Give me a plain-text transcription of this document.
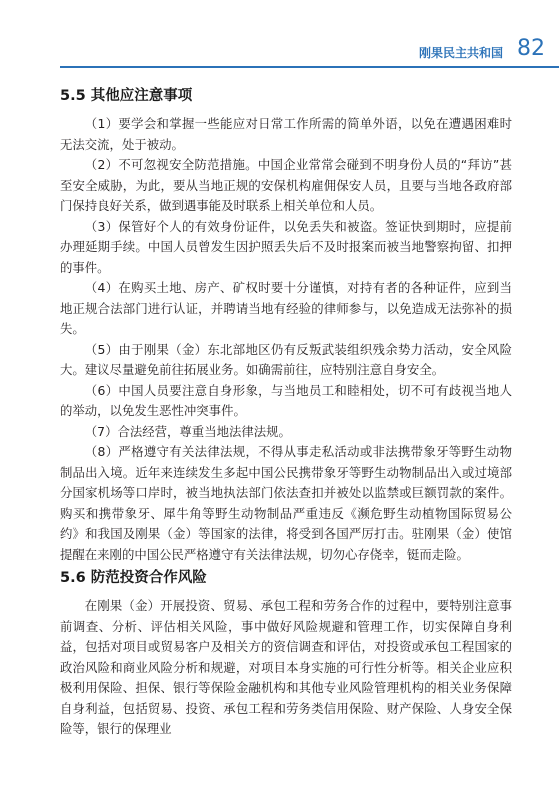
刚果民主共和国 82
5.5 其他应注意事项

（1）要学会和掌握一些能应对日常工作所需的简单外语，以免在遭遇困难时无法交流，处于被动。

（2）不可忽视安全防范措施。中国企业常常会碰到不明身份人员的“拜访”甚至安全威胁，为此，要从当地正规的安保机构雇佣保安人员，且要与当地各政府部门保持良好关系，做到遇事能及时联系上相关单位和人员。

（3）保管好个人的有效身份证件，以免丢失和被盗。签证快到期时，应提前办理延期手续。中国人员曾发生因护照丢失后不及时报案而被当地警察拘留、扣押的事件。

（4）在购买土地、房产、矿权时要十分谨慎，对持有者的各种证件，应到当地正规合法部门进行认证，并聘请当地有经验的律师参与，以免造成无法弥补的损失。

（5）由于刚果（金）东北部地区仍有反叛武装组织残余势力活动，安全风险大。建议尽量避免前往拓展业务。如确需前往，应特别注意自身安全。

（6）中国人员要注意自身形象，与当地员工和睦相处，切不可有歧视当地人的举动，以免发生恶性冲突事件。

（7）合法经营，尊重当地法律法规。

（8）严格遵守有关法律法规，不得从事走私活动或非法携带象牙等野生动物制品出入境。近年来连续发生多起中国公民携带象牙等野生动物制品出入或过境部分国家机场等口岸时，被当地执法部门依法查扣并被处以监禁或巨额罚款的案件。购买和携带象牙、犀牛角等野生动物制品严重违反《濒危野生动植物国际贸易公约》和我国及刚果（金）等国家的法律，将受到各国严厉打击。驻刚果（金）使馆提醒在来刚的中国公民严格遵守有关法律法规，切勿心存侥幸，铤而走险。

5.6 防范投资合作风险

在刚果（金）开展投资、贸易、承包工程和劳务合作的过程中，要特别注意事前调查、分析、评估相关风险，事中做好风险规避和管理工作，切实保障自身利益，包括对项目或贸易客户及相关方的资信调查和评估，对投资或承包工程国家的政治风险和商业风险分析和规避，对项目本身实施的可行性分析等。相关企业应积极利用保险、担保、银行等保险金融机构和其他专业风险管理机构的相关业务保障自身利益，包括贸易、投资、承包工程和劳务类信用保险、财产保险、人身安全保险等，银行的保理业
